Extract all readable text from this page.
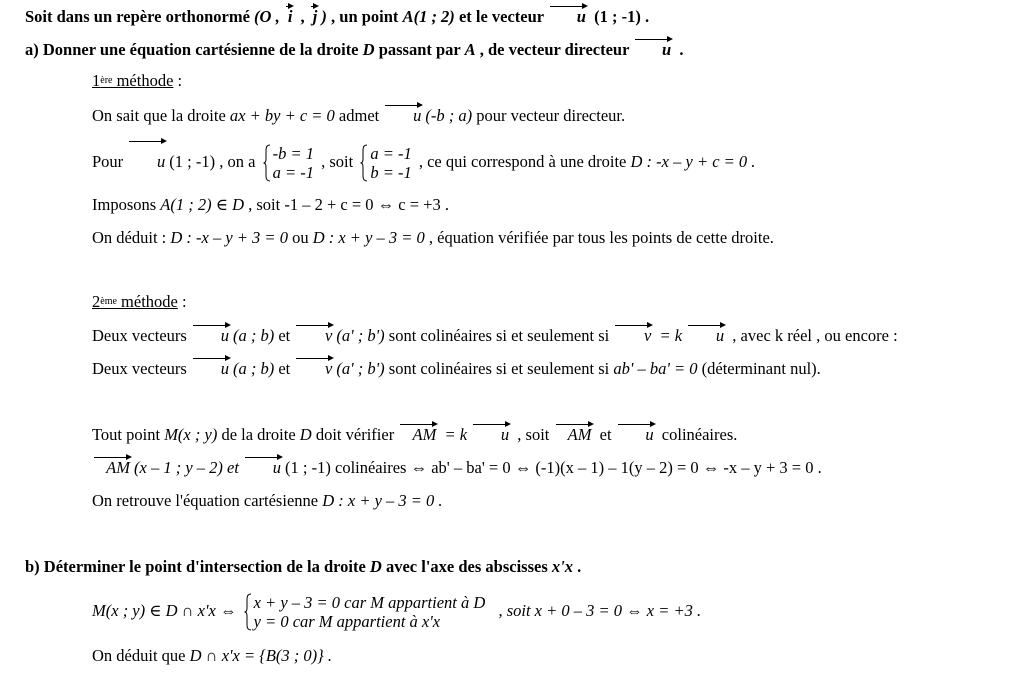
Soit dans un repère orthonormé (O , i , j ) , un point A(1 ; 2) et le vecteur u (1 ; -1) .
a) Donner une équation cartésienne de la droite D passant par A , de vecteur directeur u .
1ère méthode :
On sait que la droite ax + by + c = 0 admet u (-b ; a) pour vecteur directeur.
Pour u (1 ; -1) , on a -b = 1
a = -1
, soit a = -1
b = -1
, ce qui correspond à une droite D : -x – y + c = 0 .
Imposons A(1 ; 2) ∈ D , soit -1 – 2 + c = 0 ⇔ c = +3 .
On déduit : D : -x – y + 3 = 0 ou D : x + y – 3 = 0 , équation vérifiée par tous les points de cette droite.
2ème méthode :
Deux vecteurs u (a ; b) et v (a' ; b') sont colinéaires si et seulement si v = k u , avec k réel , ou encore :
Deux vecteurs u (a ; b) et v (a' ; b') sont colinéaires si et seulement si ab' – ba' = 0 (déterminant nul).
Tout point M(x ; y) de la droite D doit vérifier AM = k u , soit AM et u colinéaires.
AM (x – 1 ; y – 2) et u (1 ; -1) colinéaires ⇔ ab' – ba' = 0 ⇔ (-1)(x – 1) – 1(y – 2) = 0 ⇔ -x – y + 3 = 0 .
On retrouve l'équation cartésienne D : x + y – 3 = 0 .
b) Déterminer le point d'intersection de la droite D avec l'axe des abscisses x'x .
M(x ; y) ∈ D ∩ x'x ⇔ x + y – 3 = 0 car M appartient à D
y = 0 car M appartient à x'x
, soit x + 0 – 3 = 0 ⇔ x = +3 .
On déduit que D ∩ x'x = {B(3 ; 0)} .
